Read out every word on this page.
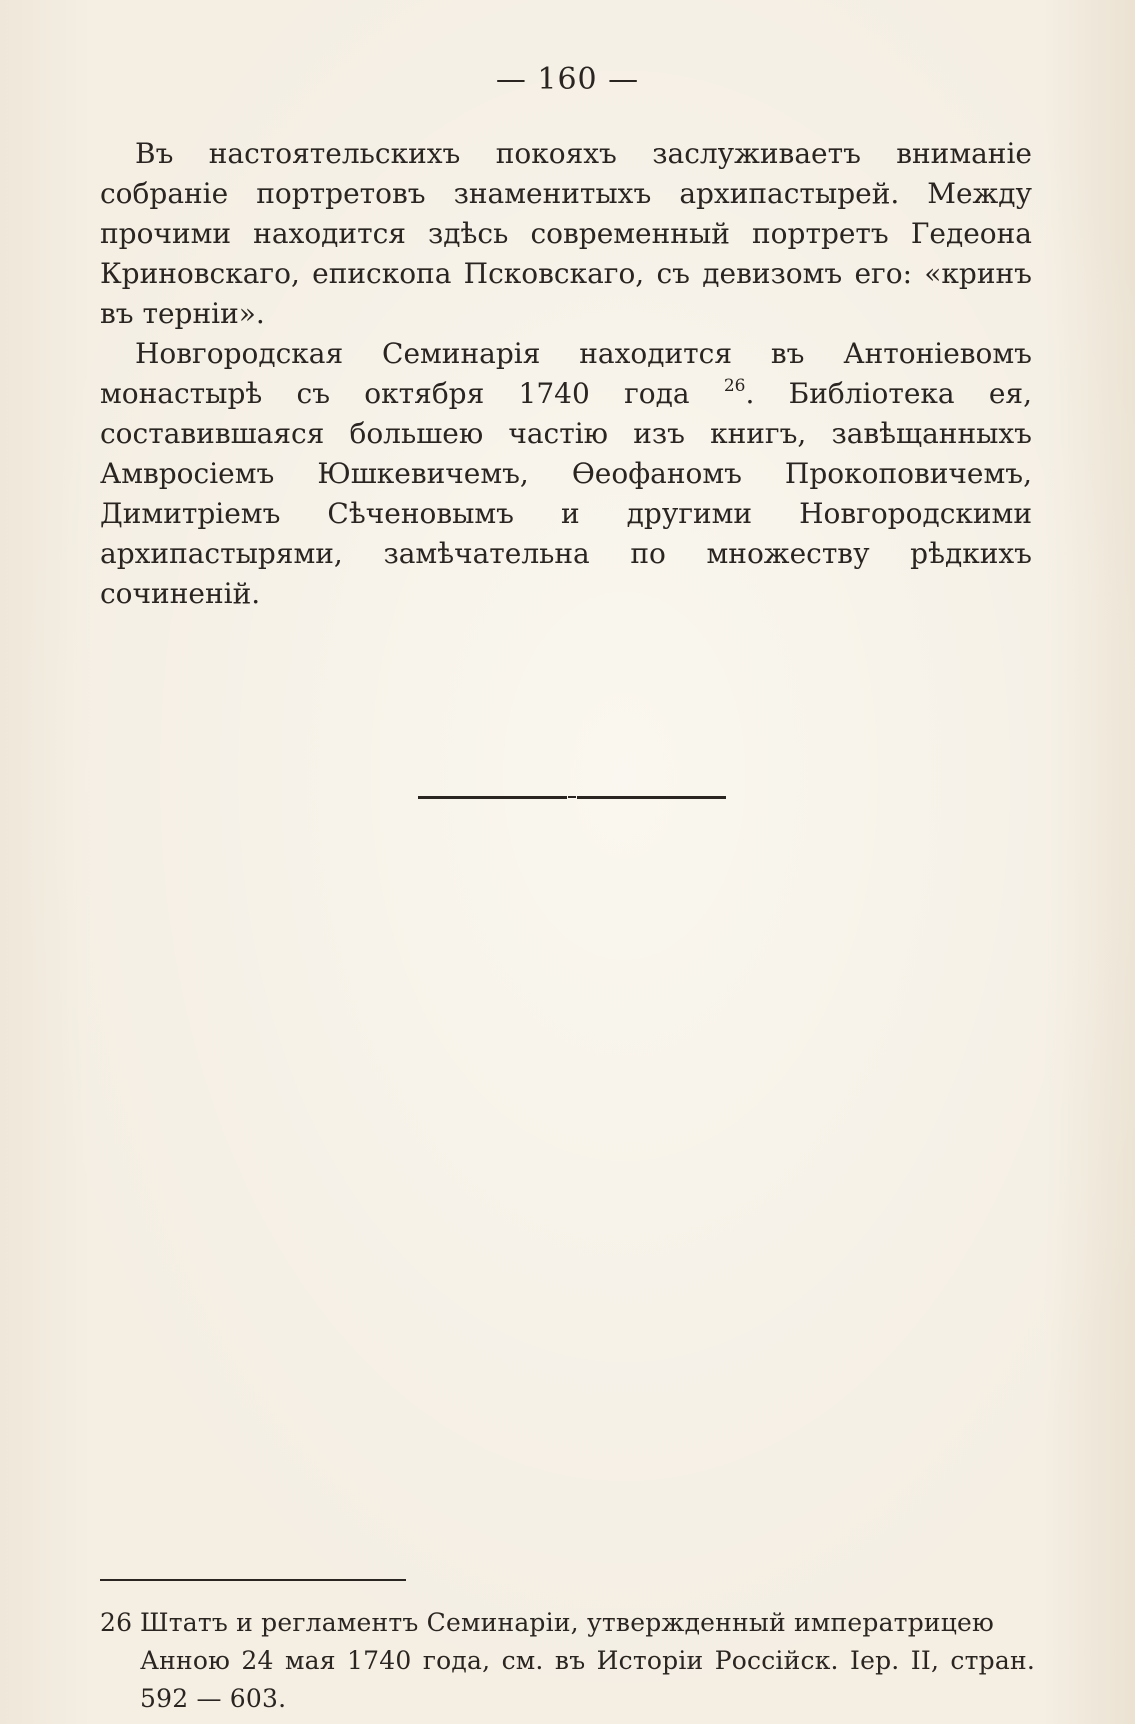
— 160 —

Въ настоятельскихъ покояхъ заслуживаетъ вниманіе собраніе портретовъ знаменитыхъ архипастырей. Между прочими находится здѣсь современный портретъ Гедеона Криновскаго, епископа Псковскаго, съ девизомъ его: «кринъ въ терніи».

Новгородская Семинарія находится въ Антоніевомъ монастырѣ съ октября 1740 года $^{26}$. Библіотека ея, составившаяся большею частію изъ книгъ, завѣщанныхъ Амвросіемъ Юшкевичемъ, Ѳеофаномъ Прокоповичемъ, Димитріемъ Сѣченовымъ и другими Новгородскими архипастырями, замѣчательна по множеству рѣдкихъ сочиненій.

26 Штатъ и регламентъ Семинаріи, утвержденный императрицею
Анною 24 мая 1740 года, см. въ Исторіи Россійск. Іер. II, стран. 592 — 603.
